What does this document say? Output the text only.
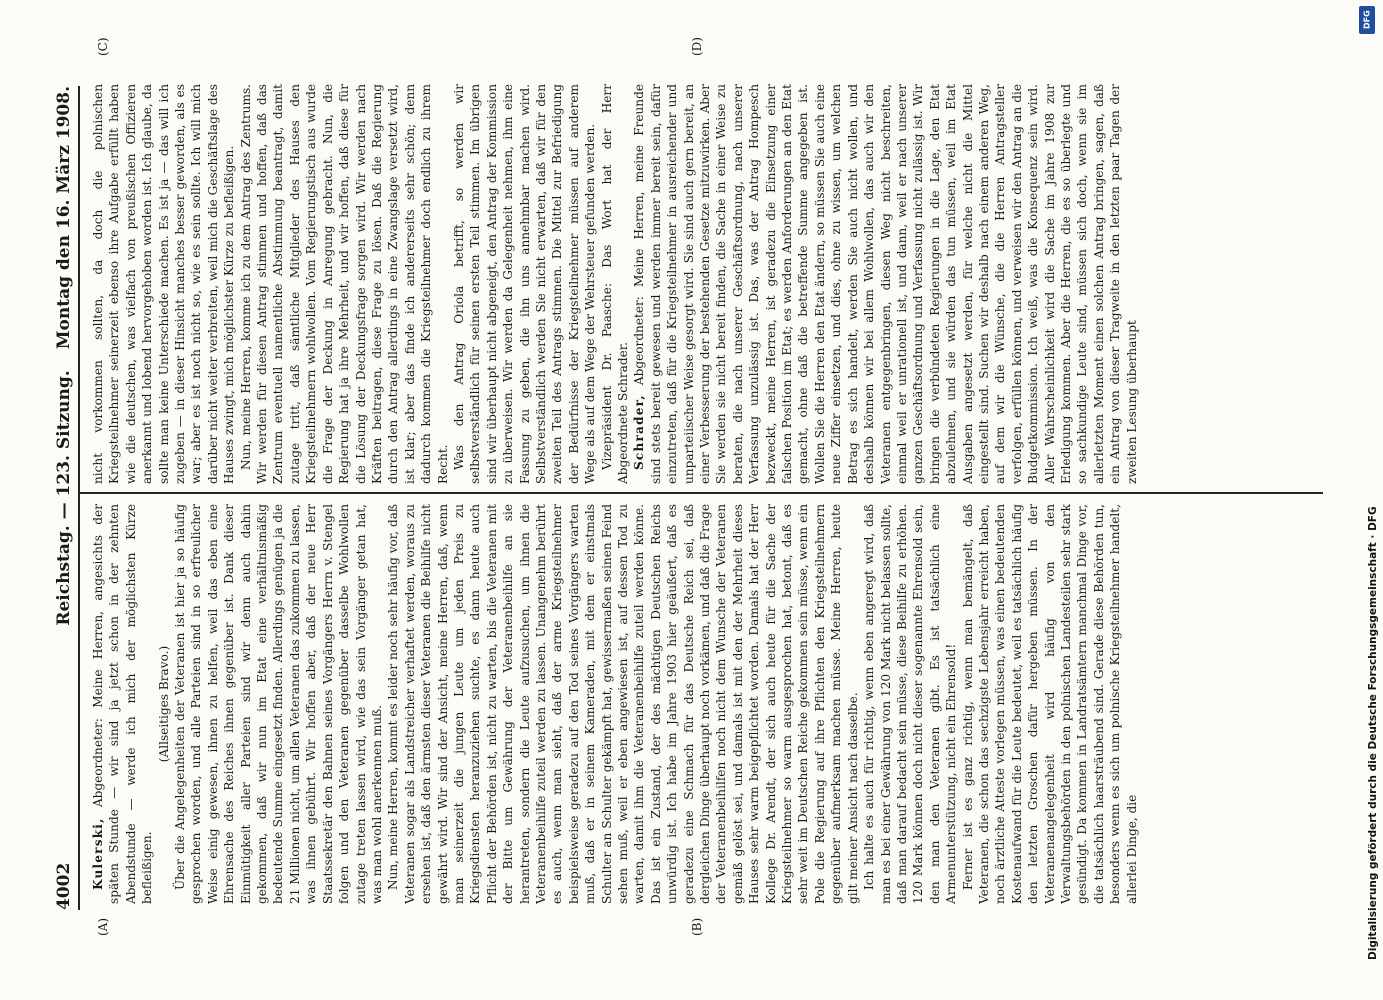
4002
Reichstag. — 123. Sitzung.
Montag den 16. März 1908.
(A)	(B)
(C)	(D)

Kulerski, Abgeordneter: Meine Herren, angesichts der späten Stunde — wir sind ja jetzt schon in der zehnten Abendstunde — werde ich mich der möglichsten Kürze befleißigen.

(Allseitiges Bravo.) Über die Angelegenheiten der Veteranen ist hier ja so häufig gesprochen worden, und alle Parteien sind in so erfreulicher Weise einig gewesen, ihnen zu helfen, weil das eben eine Ehrensache des Reiches ihnen gegenüber ist. Dank dieser Einmütigkeit aller Parteien sind wir denn auch dahin gekommen, daß wir nun im Etat eine verhältnismäßig bedeutende Summe eingesetzt finden. Allerdings genügen ja die 21 Millionen nicht, um allen Veteranen das zukommen zu lassen, was ihnen gebührt. Wir hoffen aber, daß der neue Herr Staatssekretär den Bahnen seines Vorgängers Herrn v. Stengel folgen und den Veteranen gegenüber dasselbe Wohlwollen zutage treten lassen wird, wie das sein Vorgänger getan hat, was man wohl anerkennen muß. Nun, meine Herren, kommt es leider noch sehr häufig vor, daß Veteranen sogar als Landstreicher verhaftet werden, woraus zu ersehen ist, daß den ärmsten dieser Veteranen die Beihilfe nicht gewährt wird. Wir sind der Ansicht, meine Herren, daß, wenn man seinerzeit die jungen Leute um jeden Preis zu Kriegsdiensten heranzuziehen suchte, es dann heute auch Pflicht der Behörden ist, nicht zu warten, bis die Veteranen mit der Bitte um Gewährung der Veteranenbeihilfe an sie herantreten, sondern die Leute aufzusuchen, um ihnen die Veteranenbeihilfe zuteil werden zu lassen. Unangenehm berührt es auch, wenn man sieht, daß der arme Kriegsteilnehmer beispielsweise geradezu auf den Tod seines Vorgängers warten muß, daß er in seinem Kameraden, mit dem er einstmals Schulter an Schulter gekämpft hat, gewissermaßen seinen Feind sehen muß, weil er eben angewiesen ist, auf dessen Tod zu warten, damit ihm die Veteranenbeihilfe zuteil werden könne. Das ist ein Zustand, der des mächtigen Deutschen Reichs unwürdig ist. Ich habe im Jahre 1903 hier geäußert, daß es geradezu eine Schmach für das Deutsche Reich sei, daß dergleichen Dinge überhaupt noch vorkämen, und daß die Frage der Veteranenbeihilfen noch nicht dem Wunsche der Veteranen gemäß gelöst sei, und damals ist mit den der Mehrheit dieses Hauses sehr warm beigepflichtet worden. Damals hat der Herr Kollege Dr. Arendt, der sich auch heute für die Sache der Kriegsteilnehmer so warm ausgesprochen hat, betont, daß es sehr weit im Deutschen Reiche gekommen sein müsse, wenn ein Pole die Regierung auf ihre Pflichten den Kriegsteilnehmern gegenüber aufmerksam machen müsse. Meine Herren, heute gilt meiner Ansicht nach dasselbe. Ich halte es auch für richtig, wenn eben angeregt wird, daß man es bei einer Gewährung von 120 Mark nicht belassen sollte, daß man darauf bedacht sein müsse, diese Beihilfe zu erhöhen. 120 Mark können doch nicht dieser sogenannte Ehrensold sein, den man den Veteranen gibt. Es ist tatsächlich eine Armenunterstützung, nicht ein Ehrensold! Ferner ist es ganz richtig, wenn man bemängelt, daß Veteranen, die schon das sechzigste Lebensjahr erreicht haben, noch ärztliche Atteste vorlegen müssen, was einen bedeutenden Kostenaufwand für die Leute bedeutet, weil es tatsächlich häufig den letzten Groschen dafür hergeben müssen. In der Veteranenangelegenheit wird häufig von den Verwaltungsbehörden in den polnischen Landesteilen sehr stark gesündigt. Da kommen in Landratsämtern manchmal Dinge vor, die tatsächlich haarsträubend sind. Gerade diese Behörden tun, besonders wenn es sich um polnische Kriegsteilnehmer handelt, allerlei Dinge, die

nicht vorkommen sollten, da doch die polnischen Kriegsteilnehmer seinerzeit ebenso ihre Aufgabe erfüllt haben wie die deutschen, was vielfach von preußischen Offizieren anerkannt und lobend hervorgehoben worden ist. Ich glaube, da sollte man keine Unterschiede machen. Es ist ja — das will ich zugeben — in dieser Hinsicht manches besser geworden, als es war; aber es ist noch nicht so, wie es sein sollte. Ich will mich darüber nicht weiter verbreiten, weil mich die Geschäftslage des Hauses zwingt, mich möglichster Kürze zu befleißigen. Nun, meine Herren, komme ich zu dem Antrag des Zentrums. Wir werden für diesen Antrag stimmen und hoffen, daß das Zentrum eventuell namentliche Abstimmung beantragt, damit zutage tritt, daß sämtliche Mitglieder des Hauses den Kriegsteilnehmern wohlwollen. Vom Regierungstisch aus wurde die Frage der Deckung in Anregung gebracht. Nun, die Regierung hat ja ihre Mehrheit, und wir hoffen, daß diese für die Lösung der Deckungsfrage sorgen wird. Wir werden nach Kräften beitragen, diese Frage zu lösen. Daß die Regierung durch den Antrag allerdings in eine Zwangslage versetzt wird, ist klar; aber das finde ich andererseits sehr schön; denn dadurch kommen die Kriegsteilnehmer doch endlich zu ihrem Recht. Was den Antrag Oriola betrifft, so werden wir selbstverständlich für seinen ersten Teil stimmen. Im übrigen sind wir überhaupt nicht abgeneigt, den Antrag der Kommission zu überweisen. Wir werden da Gelegenheit nehmen, ihm eine Fassung zu geben, die ihn uns annehmbar machen wird. Selbstverständlich werden Sie nicht erwarten, daß wir für den zweiten Teil des Antrags stimmen. Die Mittel zur Befriedigung der Bedürfnisse der Kriegsteilnehmer müssen auf anderem Wege als auf dem Wege der Wehrsteuer gefunden werden. Vizepräsident Dr. Paasche: Das Wort hat der Herr Abgeordnete Schrader. Schrader, Abgeordneter: Meine Herren, meine Freunde sind stets bereit gewesen und werden immer bereit sein, dafür einzutreten, daß für die Kriegsteilnehmer in ausreichender und unparteiischer Weise gesorgt wird. Sie sind auch gern bereit, an einer Verbesserung der bestehenden Gesetze mitzuwirken. Aber Sie werden sie nicht bereit finden, die Sache in einer Weise zu beraten, die nach unserer Geschäftsordnung, nach unserer Verfassung unzulässig ist. Das, was der Antrag Hompesch bezweckt, meine Herren, ist geradezu die Einsetzung einer falschen Position im Etat; es werden Anforderungen an den Etat gemacht, ohne daß die betreffende Summe angegeben ist. Wollen Sie die Herren den Etat ändern, so müssen Sie auch eine neue Ziffer einsetzen, und dies, ohne zu wissen, um welchen Betrag es sich handelt, werden Sie auch nicht wollen, und deshalb können wir bei allem Wohlwollen, das auch wir den Veteranen entgegenbringen, diesen Weg nicht beschreiten, einmal weil er unrationell ist, und dann, weil er nach unserer ganzen Geschäftsordnung und Verfassung nicht zulässig ist. Wir bringen die verbündeten Regierungen in die Lage, den Etat abzulehnen, und sie würden das tun müssen, weil im Etat Ausgaben angesetzt werden, für welche nicht die Mittel eingestellt sind. Suchen wir deshalb nach einem anderen Weg, auf dem wir die Wünsche, die die Herren Antragsteller verfolgen, erfüllen können, und verweisen wir den Antrag an die Budgetkommission. Ich weiß, was die Konsequenz sein wird. Aller Wahrscheinlichkeit wird die Sache im Jahre 1908 zur Erledigung kommen. Aber die Herren, die es so überlegte und so sachkundige Leute sind, müssen sich doch, wenn sie im allerletzten Moment einen solchen Antrag bringen, sagen, daß ein Antrag von dieser Tragweite in den letzten paar Tagen der zweiten Lesung überhaupt

DFG
Digitalisierung gefördert durch die Deutsche Forschungsgemeinschaft · DFG
